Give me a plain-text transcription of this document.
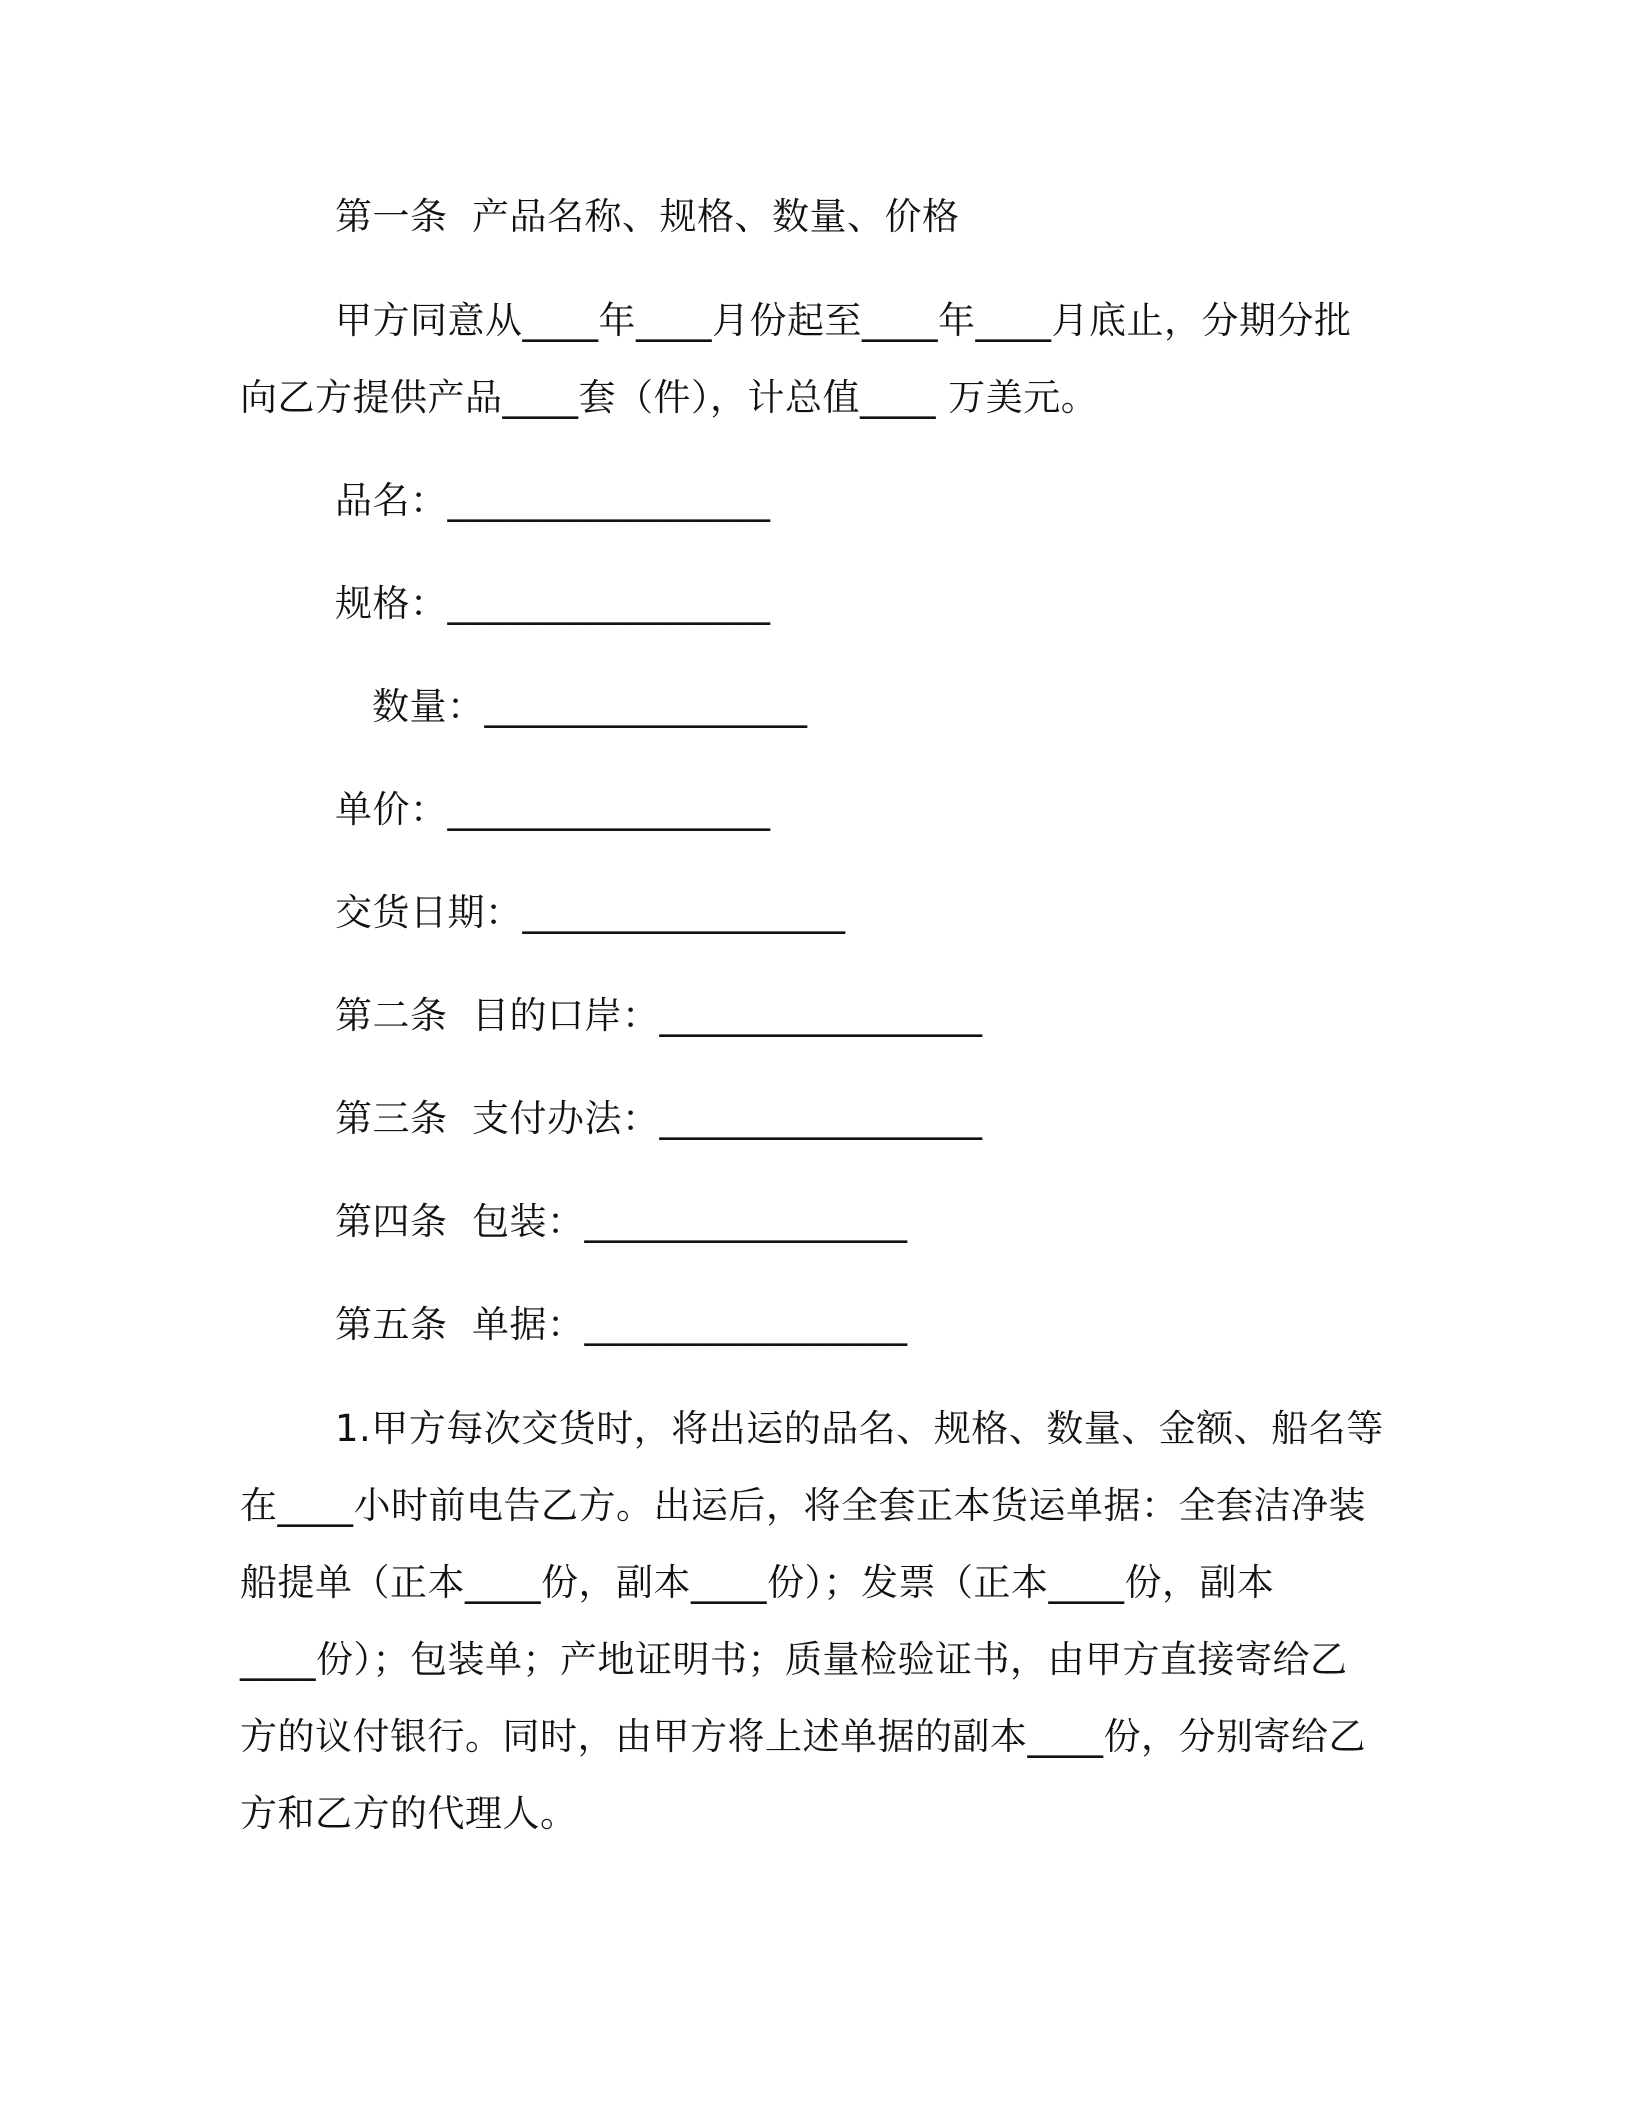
第一条  产品名称、规格、数量、价格
甲方同意从____年____月份起至____年____月底止，分期分批
向乙方提供产品____套（件），计总值____ 万美元。
品名：_________________
规格：_________________
数量：_________________
单价：_________________
交货日期：_________________
第二条  目的口岸：_________________
第三条  支付办法：_________________
第四条  包装：_________________
第五条  单据：_________________
1.甲方每次交货时，将出运的品名、规格、数量、金额、船名等
在____小时前电告乙方。出运后，将全套正本货运单据：全套洁净装
船提单（正本____份，副本____份）；发票（正本____份，副本
____份）；包装单；产地证明书；质量检验证书，由甲方直接寄给乙
方的议付银行。同时，由甲方将上述单据的副本____份，分别寄给乙
方和乙方的代理人。
